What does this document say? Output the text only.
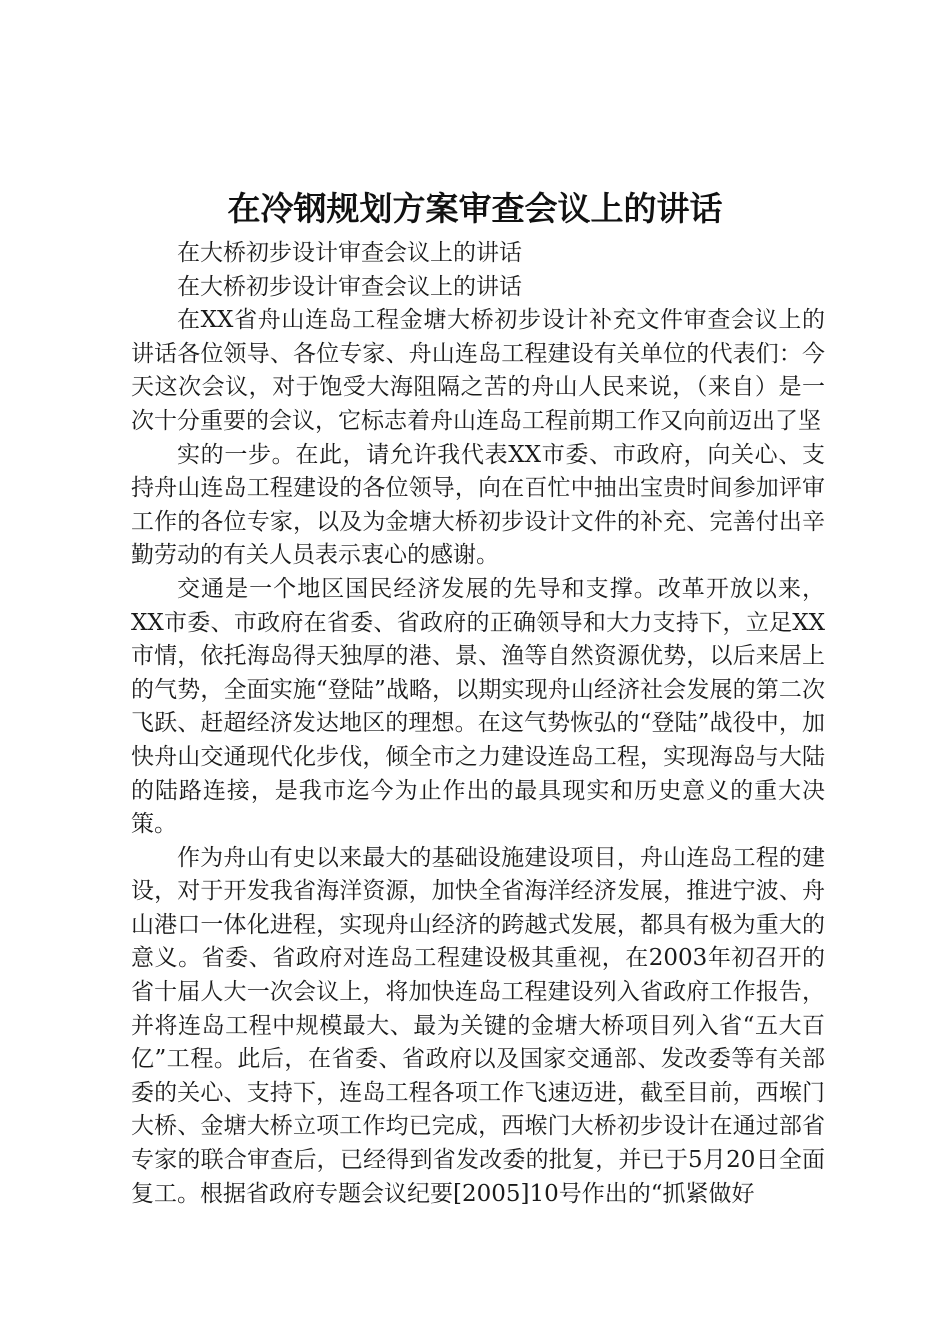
在冷钢规划方案审查会议上的讲话

在大桥初步设计审查会议上的讲话

在大桥初步设计审查会议上的讲话

在XX省舟山连岛工程金塘大桥初步设计补充文件审查会议上的讲话各位领导、各位专家、舟山连岛工程建设有关单位的代表们：今天这次会议，对于饱受大海阻隔之苦的舟山人民来说，（来自）是一次十分重要的会议，它标志着舟山连岛工程前期工作又向前迈出了坚

实的一步。在此，请允许我代表XX市委、市政府，向关心、支持舟山连岛工程建设的各位领导，向在百忙中抽出宝贵时间参加评审工作的各位专家，以及为金塘大桥初步设计文件的补充、完善付出辛勤劳动的有关人员表示衷心的感谢。

交通是一个地区国民经济发展的先导和支撑。改革开放以来，XX市委、市政府在省委、省政府的正确领导和大力支持下，立足XX市情，依托海岛得天独厚的港、景、渔等自然资源优势，以后来居上的气势，全面实施“登陆”战略，以期实现舟山经济社会发展的第二次飞跃、赶超经济发达地区的理想。在这气势恢弘的“登陆”战役中，加快舟山交通现代化步伐，倾全市之力建设连岛工程，实现海岛与大陆的陆路连接，是我市迄今为止作出的最具现实和历史意义的重大决策。

作为舟山有史以来最大的基础设施建设项目，舟山连岛工程的建设，对于开发我省海洋资源，加快全省海洋经济发展，推进宁波、舟山港口一体化进程，实现舟山经济的跨越式发展，都具有极为重大的意义。省委、省政府对连岛工程建设极其重视，在2003年初召开的省十届人大一次会议上，将加快连岛工程建设列入省政府工作报告，并将连岛工程中规模最大、最为关键的金塘大桥项目列入省“五大百亿”工程。此后，在省委、省政府以及国家交通部、发改委等有关部委的关心、支持下，连岛工程各项工作飞速迈进，截至目前，西堠门大桥、金塘大桥立项工作均已完成，西堠门大桥初步设计在通过部省专家的联合审查后，已经得到省发改委的批复，并已于5月20日全面复工。根据省政府专题会议纪要[2005]10号作出的“抓紧做好
